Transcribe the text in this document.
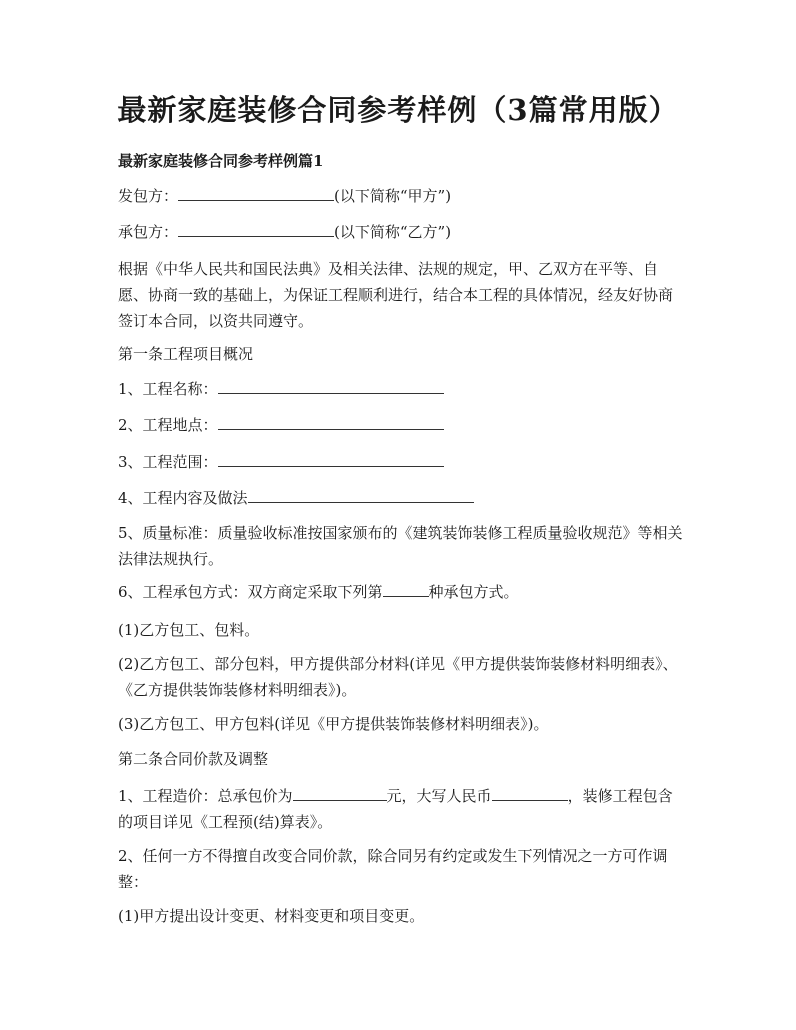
最新家庭装修合同参考样例（3篇常用版）
最新家庭装修合同参考样例篇1

发包方：	(以下简称“甲方”)

承包方：	(以下简称“乙方”)

根据《中华人民共和国民法典》及相关法律、法规的规定，甲、乙双方在平等、自愿、协商一致的基础上，为保证工程顺利进行，结合本工程的具体情况，经友好协商签订本合同，以资共同遵守。

第一条工程项目概况

1、工程名称：

2、工程地点：

3、工程范围：

4、工程内容及做法

5、质量标准：质量验收标准按国家颁布的《建筑装饰装修工程质量验收规范》等相关法律法规执行。

6、工程承包方式：双方商定采取下列第	种承包方式。

(1)乙方包工、包料。

(2)乙方包工、部分包料，甲方提供部分材料(详见《甲方提供装饰装修材料明细表》、《乙方提供装饰装修材料明细表》)。

(3)乙方包工、甲方包料(详见《甲方提供装饰装修材料明细表》)。

第二条合同价款及调整

1、工程造价：总承包价为	元，大写人民币	，装修工程包含的项目详见《工程预(结)算表》。

2、任何一方不得擅自改变合同价款，除合同另有约定或发生下列情况之一方可作调整：

(1)甲方提出设计变更、材料变更和项目变更。
